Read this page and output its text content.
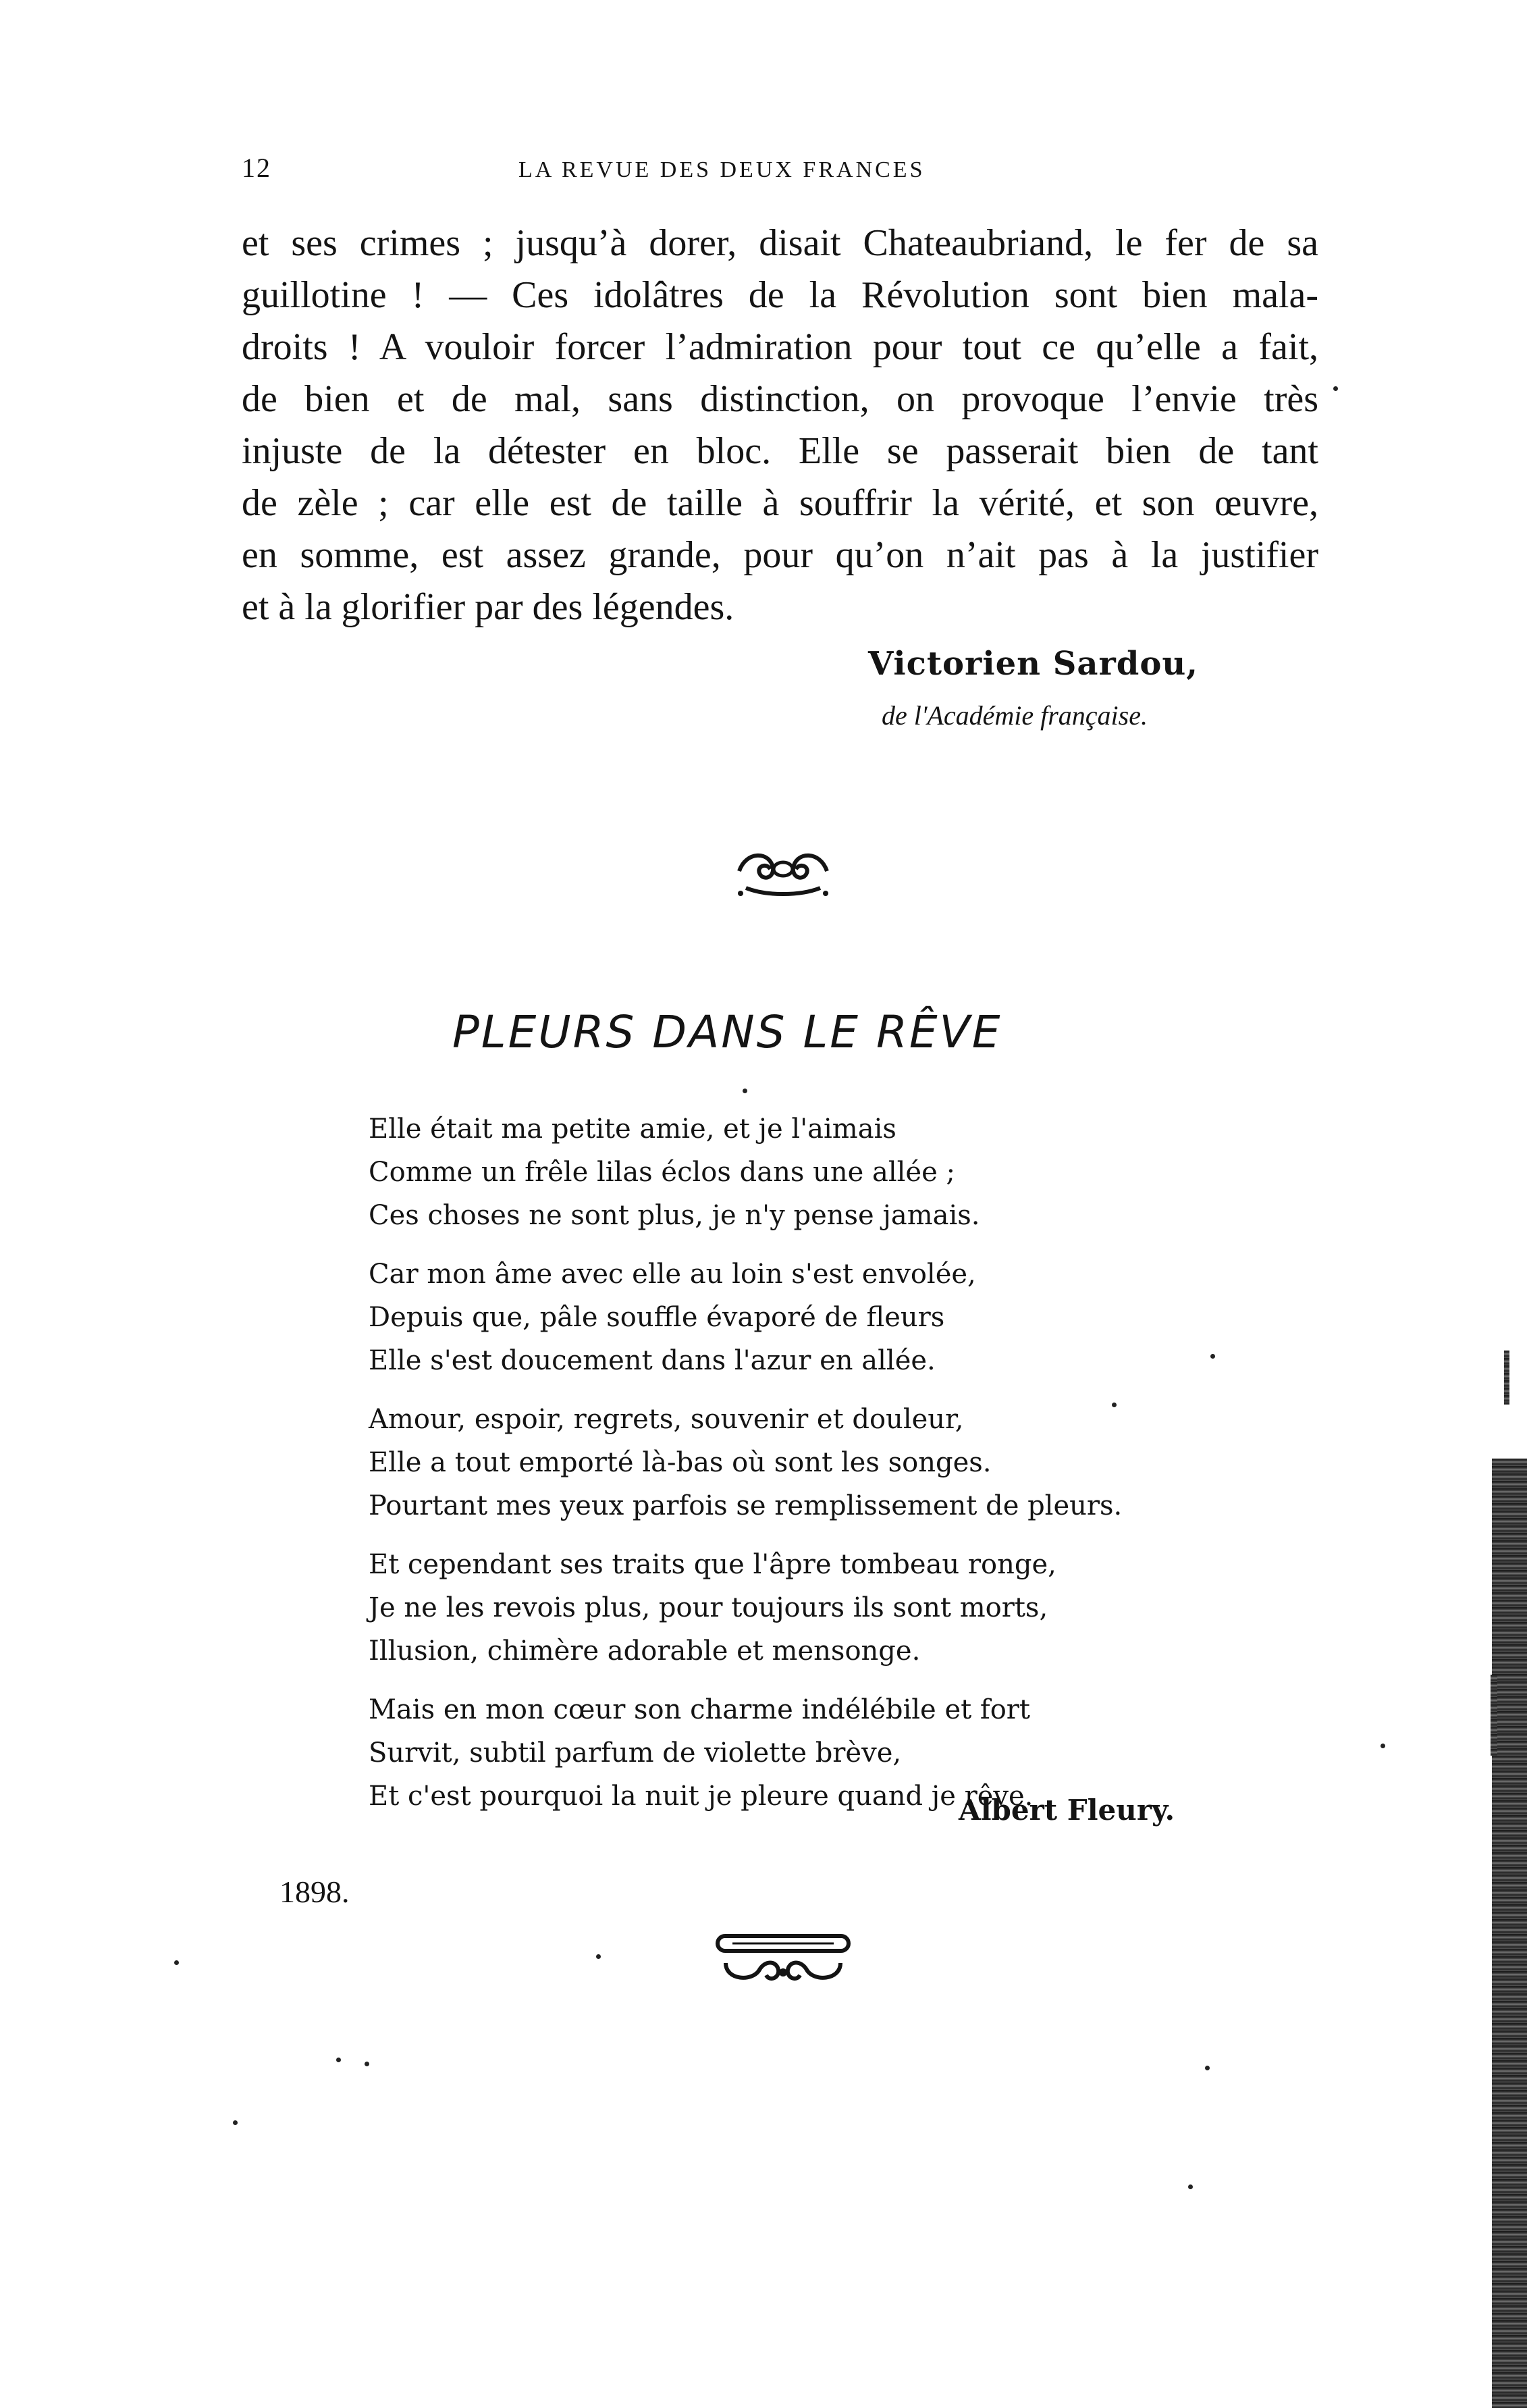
12	LA REVUE DES DEUX FRANCES
et ses crimes ; jusqu’à dorer, disait Chateaubriand, le fer de sa
guillotine ! — Ces idolâtres de la Révolution sont bien mala-
droits ! A vouloir forcer l’admiration pour tout ce qu’elle a fait,
de bien et de mal, sans distinction, on provoque l’envie très
injuste de la détester en bloc. Elle se passerait bien de tant
de zèle ; car elle est de taille à souffrir la vérité, et son œuvre,
en somme, est assez grande, pour qu’on n’ait pas à la justifier
et à la glorifier par des légendes.
Victorien Sardou,
de l'Académie française.
PLEURS DANS LE RÊVE
Elle était ma petite amie, et je l'aimais
Comme un frêle lilas éclos dans une allée ;
Ces choses ne sont plus, je n'y pense jamais.
Car mon âme avec elle au loin s'est envolée,
Depuis que, pâle souffle évaporé de fleurs
Elle s'est doucement dans l'azur en allée.
Amour, espoir, regrets, souvenir et douleur,
Elle a tout emporté là-bas où sont les songes.
Pourtant mes yeux parfois se remplissement de pleurs.
Et cependant ses traits que l'âpre tombeau ronge,
Je ne les revois plus, pour toujours ils sont morts,
Illusion, chimère adorable et mensonge.
Mais en mon cœur son charme indélébile et fort
Survit, subtil parfum de violette brève,
Et c'est pourquoi la nuit je pleure quand je rêve.
Albert Fleury.
1898.
